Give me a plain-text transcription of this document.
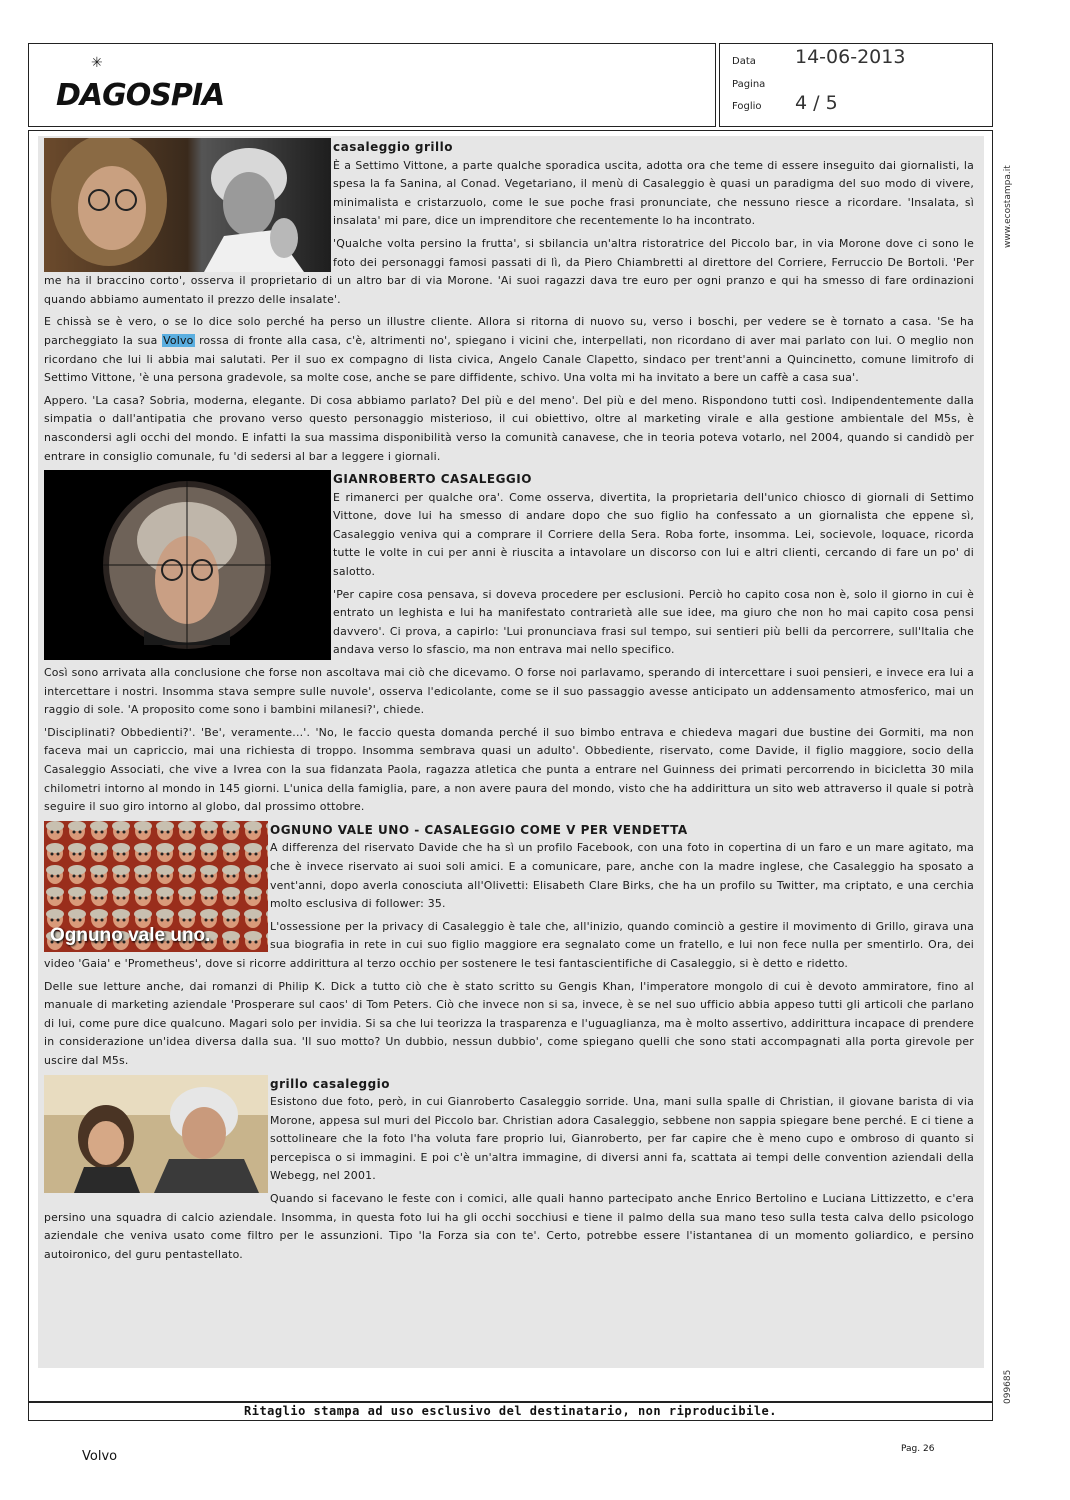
✳
DAGOSPIA
Data 14-06-2013
Pagina
Foglio 4 / 5
www.ecostampa.it
099685
casaleggio grillo

È a Settimo Vittone, a parte qualche sporadica uscita, adotta ora che teme di essere inseguito dai giornalisti, la spesa la fa Sanina, al Conad. Vegetariano, il menù di Casaleggio è quasi un paradigma del suo modo di vivere, minimalista e cristarzuolo, come le sue poche frasi pronunciate, che nessuno riesce a ricordare. 'Insalata, sì insalata' mi pare, dice un imprenditore che recentemente lo ha incontrato.

'Qualche volta persino la frutta', si sbilancia un'altra ristoratrice del Piccolo bar, in via Morone dove ci sono le foto dei personaggi famosi passati di lì, da Piero Chiambretti al direttore del Corriere, Ferruccio De Bortoli. 'Per me ha il braccino corto', osserva il proprietario di un altro bar di via Morone. 'Ai suoi ragazzi dava tre euro per ogni pranzo e qui ha smesso di fare ordinazioni quando abbiamo aumentato il prezzo delle insalate'.

E chissà se è vero, o se lo dice solo perché ha perso un illustre cliente. Allora si ritorna di nuovo su, verso i boschi, per vedere se è tornato a casa. 'Se ha parcheggiato la sua Volvo rossa di fronte alla casa, c'è, altrimenti no', spiegano i vicini che, interpellati, non ricordano di aver mai parlato con lui. O meglio non ricordano che lui li abbia mai salutati. Per il suo ex compagno di lista civica, Angelo Canale Clapetto, sindaco per trent'anni a Quincinetto, comune limitrofo di Settimo Vittone, 'è una persona gradevole, sa molte cose, anche se pare diffidente, schivo. Una volta mi ha invitato a bere un caffè a casa sua'.

Appero. 'La casa? Sobria, moderna, elegante. Di cosa abbiamo parlato? Del più e del meno'. Del più e del meno. Rispondono tutti così. Indipendentemente dalla simpatia o dall'antipatia che provano verso questo personaggio misterioso, il cui obiettivo, oltre al marketing virale e alla gestione ambientale del M5s, è nascondersi agli occhi del mondo. E infatti la sua massima disponibilità verso la comunità canavese, che in teoria poteva votarlo, nel 2004, quando si candidò per entrare in consiglio comunale, fu 'di sedersi al bar a leggere i giornali.

GIANROBERTO CASALEGGIO

E rimanerci per qualche ora'. Come osserva, divertita, la proprietaria dell'unico chiosco di giornali di Settimo Vittone, dove lui ha smesso di andare dopo che suo figlio ha confessato a un giornalista che eppene sì, Casaleggio veniva qui a comprare il Corriere della Sera. Roba forte, insomma. Lei, socievole, loquace, ricorda tutte le volte in cui per anni è riuscita a intavolare un discorso con lui e altri clienti, cercando di fare un po' di salotto.

'Per capire cosa pensava, si doveva procedere per esclusioni. Perciò ho capito cosa non è, solo il giorno in cui è entrato un leghista e lui ha manifestato contrarietà alle sue idee, ma giuro che non ho mai capito cosa pensi davvero'. Ci prova, a capirlo: 'Lui pronunciava frasi sul tempo, sui sentieri più belli da percorrere, sull'Italia che andava verso lo sfascio, ma non entrava mai nello specifico.

Così sono arrivata alla conclusione che forse non ascoltava mai ciò che dicevamo. O forse noi parlavamo, sperando di intercettare i suoi pensieri, e invece era lui a intercettare i nostri. Insomma stava sempre sulle nuvole', osserva l'edicolante, come se il suo passaggio avesse anticipato un addensamento atmosferico, mai un raggio di sole. 'A proposito come sono i bambini milanesi?', chiede.

'Disciplinati? Obbedienti?'. 'Be', veramente...'. 'No, le faccio questa domanda perché il suo bimbo entrava e chiedeva magari due bustine dei Gormiti, ma non faceva mai un capriccio, mai una richiesta di troppo. Insomma sembrava quasi un adulto'. Obbediente, riservato, come Davide, il figlio maggiore, socio della Casaleggio Associati, che vive a Ivrea con la sua fidanzata Paola, ragazza atletica che punta a entrare nel Guinness dei primati percorrendo in bicicletta 30 mila chilometri intorno al mondo in 145 giorni. L'unica della famiglia, pare, a non avere paura del mondo, visto che ha addirittura un sito web attraverso il quale si potrà seguire il suo giro intorno al globo, dal prossimo ottobre.

Ognuno vale uno.
OGNUNO VALE UNO - CASALEGGIO COME V PER VENDETTA

A differenza del riservato Davide che ha sì un profilo Facebook, con una foto in copertina di un faro e un mare agitato, ma che è invece riservato ai suoi soli amici. E a comunicare, pare, anche con la madre inglese, che Casaleggio ha sposato a vent'anni, dopo averla conosciuta all'Olivetti: Elisabeth Clare Birks, che ha un profilo su Twitter, ma criptato, e una cerchia molto esclusiva di follower: 35.

L'ossessione per la privacy di Casaleggio è tale che, all'inizio, quando cominciò a gestire il movimento di Grillo, girava una sua biografia in rete in cui suo figlio maggiore era segnalato come un fratello, e lui non fece nulla per smentirlo. Ora, dei video 'Gaia' e 'Prometheus', dove si ricorre addirittura al terzo occhio per sostenere le tesi fantascientifiche di Casaleggio, si è detto e ridetto.

Delle sue letture anche, dai romanzi di Philip K. Dick a tutto ciò che è stato scritto su Gengis Khan, l'imperatore mongolo di cui è devoto ammiratore, fino al manuale di marketing aziendale 'Prosperare sul caos' di Tom Peters. Ciò che invece non si sa, invece, è se nel suo ufficio abbia appeso tutti gli articoli che parlano di lui, come pure dice qualcuno. Magari solo per invidia. Si sa che lui teorizza la trasparenza e l'uguaglianza, ma è molto assertivo, addirittura incapace di prendere in considerazione un'idea diversa dalla sua. 'Il suo motto? Un dubbio, nessun dubbio', come spiegano quelli che sono stati accompagnati alla porta girevole per uscire dal M5s.

grillo casaleggio

Esistono due foto, però, in cui Gianroberto Casaleggio sorride. Una, mani sulla spalle di Christian, il giovane barista di via Morone, appesa sul muri del Piccolo bar. Christian adora Casaleggio, sebbene non sappia spiegare bene perché. E ci tiene a sottolineare che la foto l'ha voluta fare proprio lui, Gianroberto, per far capire che è meno cupo e ombroso di quanto si percepisca o si immagini. E poi c'è un'altra immagine, di diversi anni fa, scattata ai tempi delle convention aziendali della Webegg, nel 2001.

Quando si facevano le feste con i comici, alle quali hanno partecipato anche Enrico Bertolino e Luciana Littizzetto, e c'era persino una squadra di calcio aziendale. Insomma, in questa foto lui ha gli occhi socchiusi e tiene il palmo della sua mano teso sulla testa calva dello psicologo aziendale che veniva usato come filtro per le assunzioni. Tipo 'la Forza sia con te'. Certo, potrebbe essere l'istantanea di un momento goliardico, e persino autoironico, del guru pentastellato.

Ritaglio stampa ad uso esclusivo del destinatario, non riproducibile.
Volvo	Pag. 26
